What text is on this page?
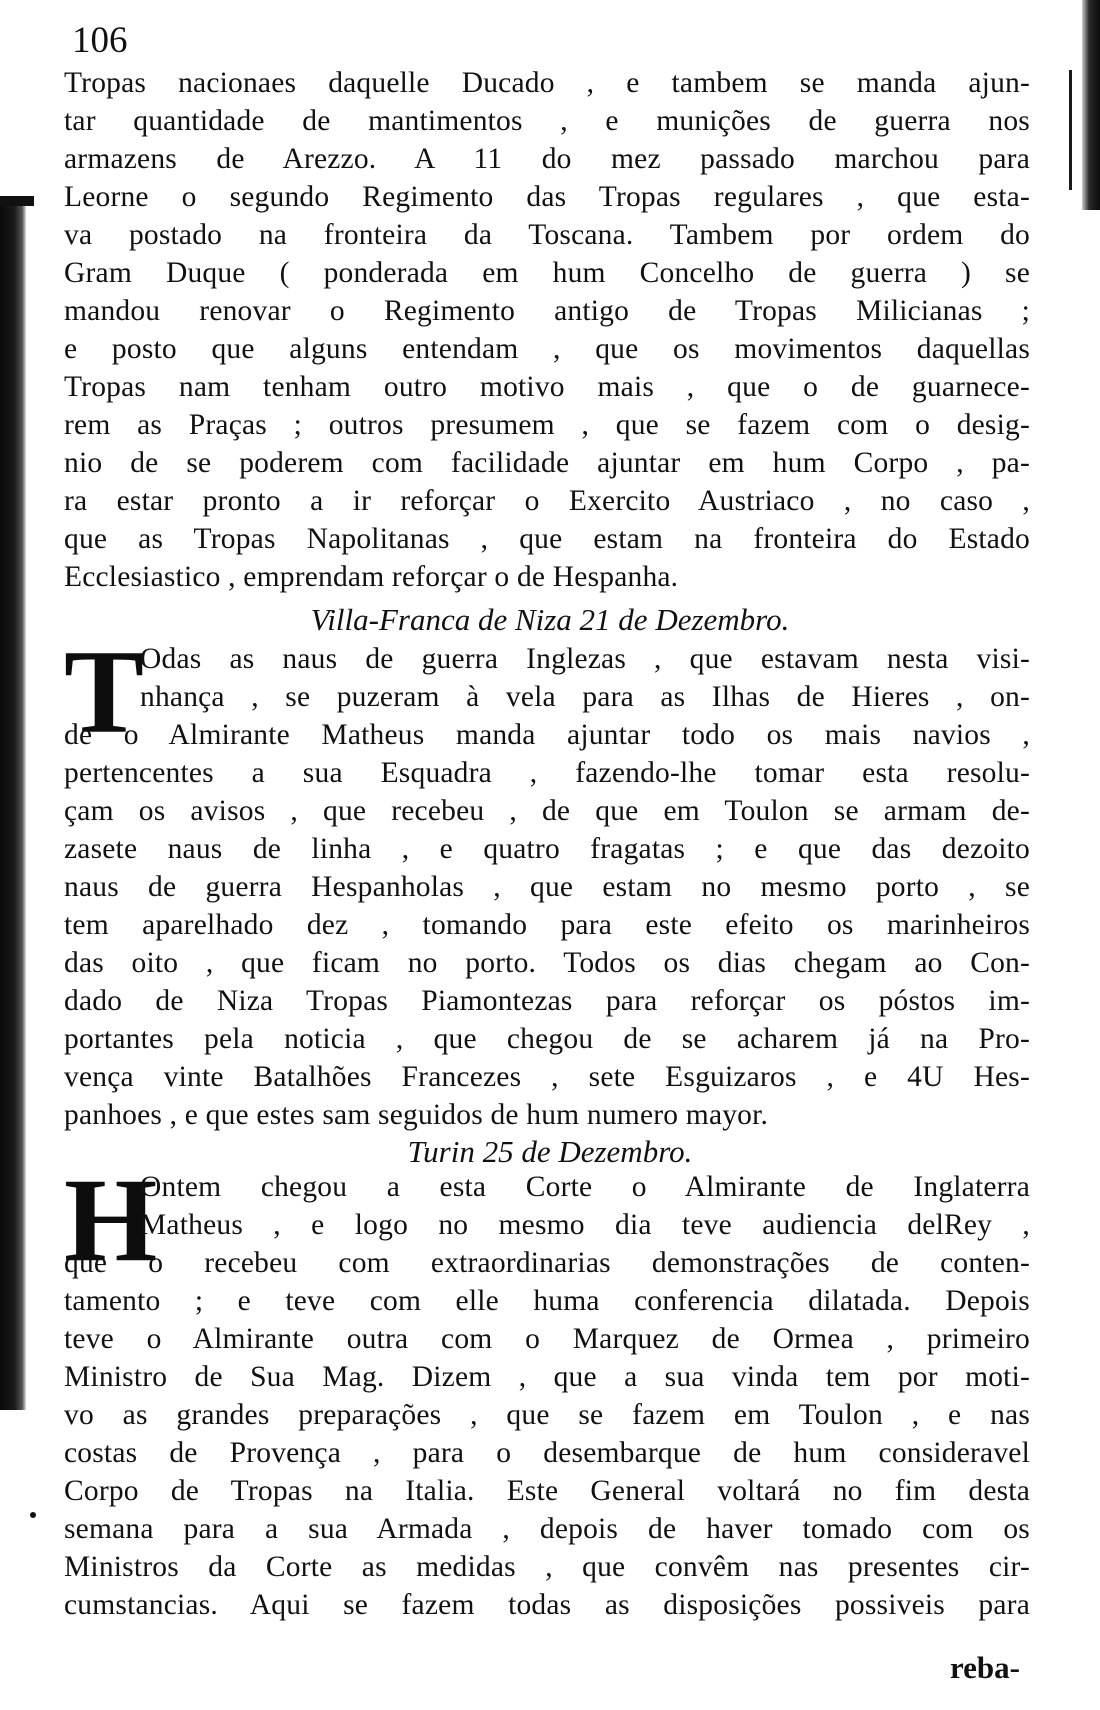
106
Tropas nacionaes daquelle Ducado , e tambem se manda ajun-
tar quantidade de mantimentos , e munições de guerra nos
armazens de Arezzo. A 11 do mez passado marchou para
Leorne o segundo Regimento das Tropas regulares , que esta-
va postado na fronteira da Toscana. Tambem por ordem do
Gram Duque ( ponderada em hum Concelho de guerra ) se
mandou renovar o Regimento antigo de Tropas Milicianas ;
e posto que alguns entendam , que os movimentos daquellas
Tropas nam tenham outro motivo mais , que o de guarnece-
rem as Praças ; outros presumem , que se fazem com o desig-
nio de se poderem com facilidade ajuntar em hum Corpo , pa-
ra estar pronto a ir reforçar o Exercito Austriaco , no caso ,
que as Tropas Napolitanas , que estam na fronteira do Estado
Ecclesiastico , emprendam reforçar o de Hespanha.
Villa-Franca de Niza 21 de Dezembro.
T
Odas as naus de guerra Inglezas , que estavam nesta visi-
nhança , se puzeram à vela para as Ilhas de Hieres , on-
de o Almirante Matheus manda ajuntar todo os mais navios ,
pertencentes a sua Esquadra , fazendo-lhe tomar esta resolu-
çam os avisos , que recebeu , de que em Toulon se armam de-
zasete naus de linha , e quatro fragatas ; e que das dezoito
naus de guerra Hespanholas , que estam no mesmo porto , se
tem aparelhado dez , tomando para este efeito os marinheiros
das oito , que ficam no porto. Todos os dias chegam ao Con-
dado de Niza Tropas Piamontezas para reforçar os póstos im-
portantes pela noticia , que chegou de se acharem já na Pro-
vença vinte Batalhões Francezes , sete Esguizaros , e 4U Hes-
panhoes , e que estes sam seguidos de hum numero mayor.
Turin 25 de Dezembro.
H
Ontem chegou a esta Corte o Almirante de Inglaterra
Matheus , e logo no mesmo dia teve audiencia delRey ,
que o recebeu com extraordinarias demonstrações de conten-
tamento ; e teve com elle huma conferencia dilatada. Depois
teve o Almirante outra com o Marquez de Ormea , primeiro
Ministro de Sua Mag. Dizem , que a sua vinda tem por moti-
vo as grandes preparações , que se fazem em Toulon , e nas
costas de Provença , para o desembarque de hum consideravel
Corpo de Tropas na Italia. Este General voltará no fim desta
semana para a sua Armada , depois de haver tomado com os
Ministros da Corte as medidas , que convêm nas presentes cir-
cumstancias. Aqui se fazem todas as disposições possiveis para
reba-
